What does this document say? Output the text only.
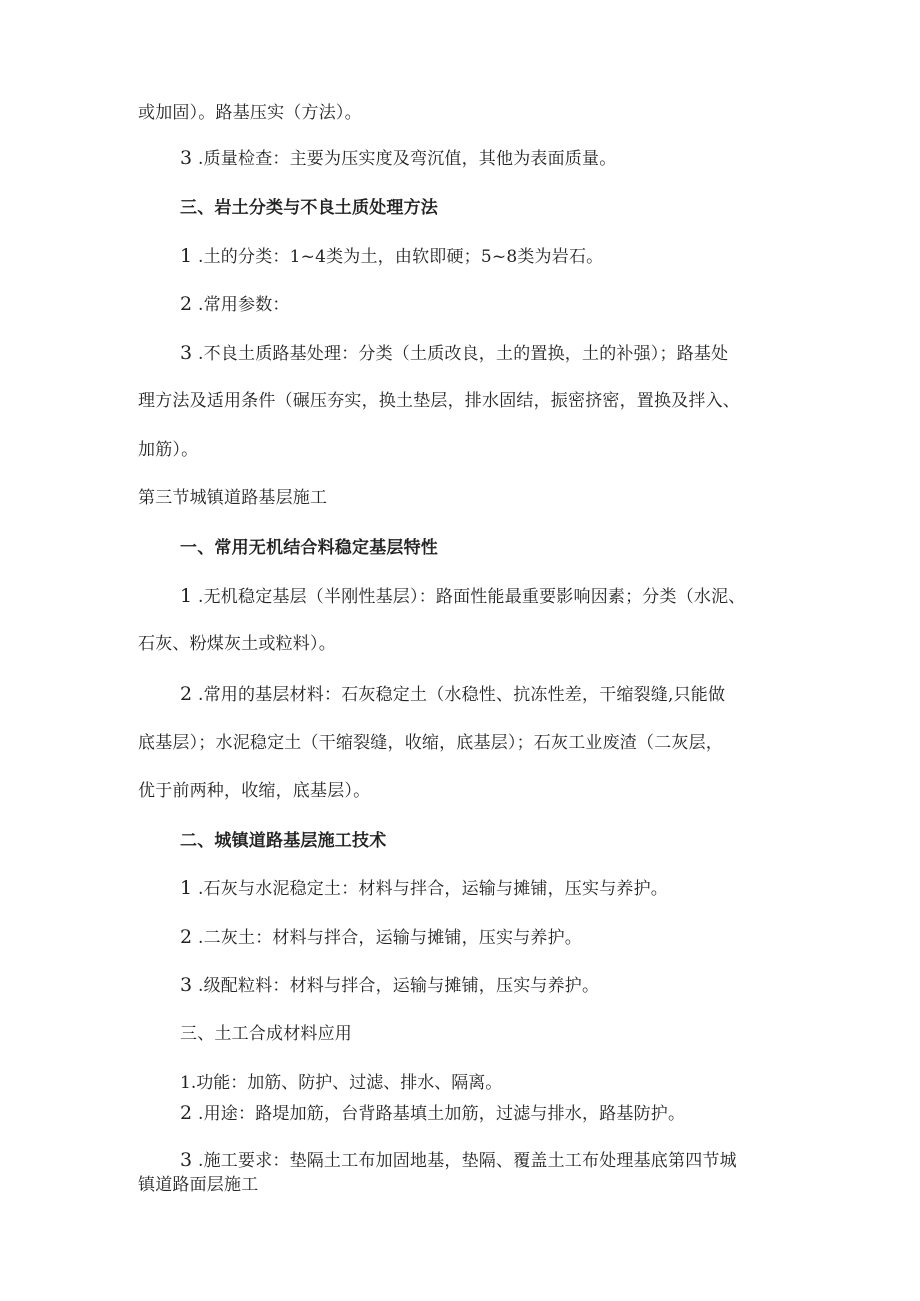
或加固）。路基压实（方法）。
3 .质量检查：主要为压实度及弯沉值，其他为表面质量。
三、岩土分类与不良土质处理方法
1 .土的分类：1~4类为土，由软即硬；5~8类为岩石。
2 .常用参数：
3 .不良土质路基处理：分类（土质改良，土的置换，土的补强）；路基处
理方法及适用条件（碾压夯实，换土垫层，排水固结，振密挤密，置换及拌入、
加筋）。
第三节城镇道路基层施工
一、常用无机结合料稳定基层特性
1 .无机稳定基层（半刚性基层）：路面性能最重要影响因素；分类（水泥、
石灰、粉煤灰土或粒料）。
2 .常用的基层材料：石灰稳定土（水稳性、抗冻性差，干缩裂缝,只能做
底基层）；水泥稳定土（干缩裂缝，收缩，底基层）；石灰工业废渣（二灰层，
优于前两种，收缩，底基层）。
二、城镇道路基层施工技术
1 .石灰与水泥稳定土：材料与拌合，运输与摊铺，压实与养护。
2 .二灰土：材料与拌合，运输与摊铺，压实与养护。
3 .级配粒料：材料与拌合，运输与摊铺，压实与养护。
三、土工合成材料应用
1.功能：加筋、防护、过滤、排水、隔离。
2 .用途：路堤加筋，台背路基填土加筋，过滤与排水，路基防护。
3 .施工要求：垫隔土工布加固地基，垫隔、覆盖土工布处理基底第四节城
镇道路面层施工
